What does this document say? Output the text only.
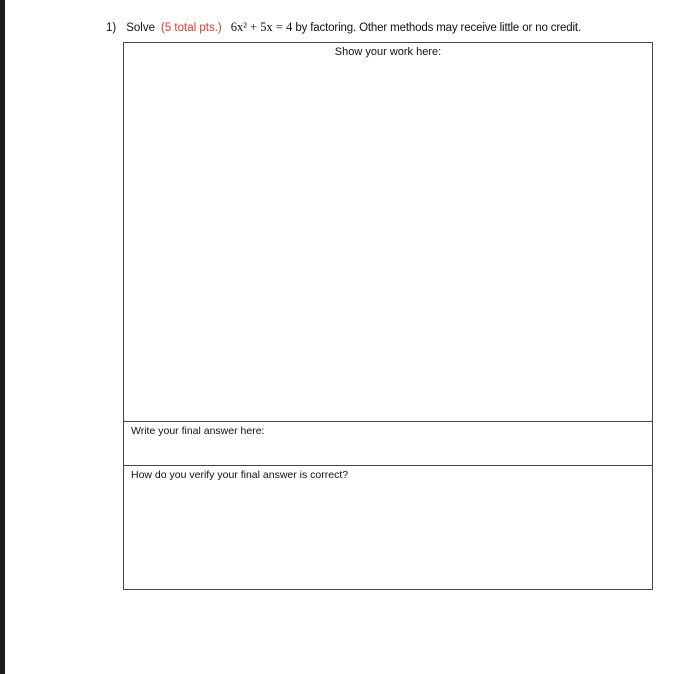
1) Solve (5 total pts.) 6x² + 5x = 4 by factoring. Other methods may receive little or no credit.
Show your work here:
Write your final answer here:
How do you verify your final answer is correct?
